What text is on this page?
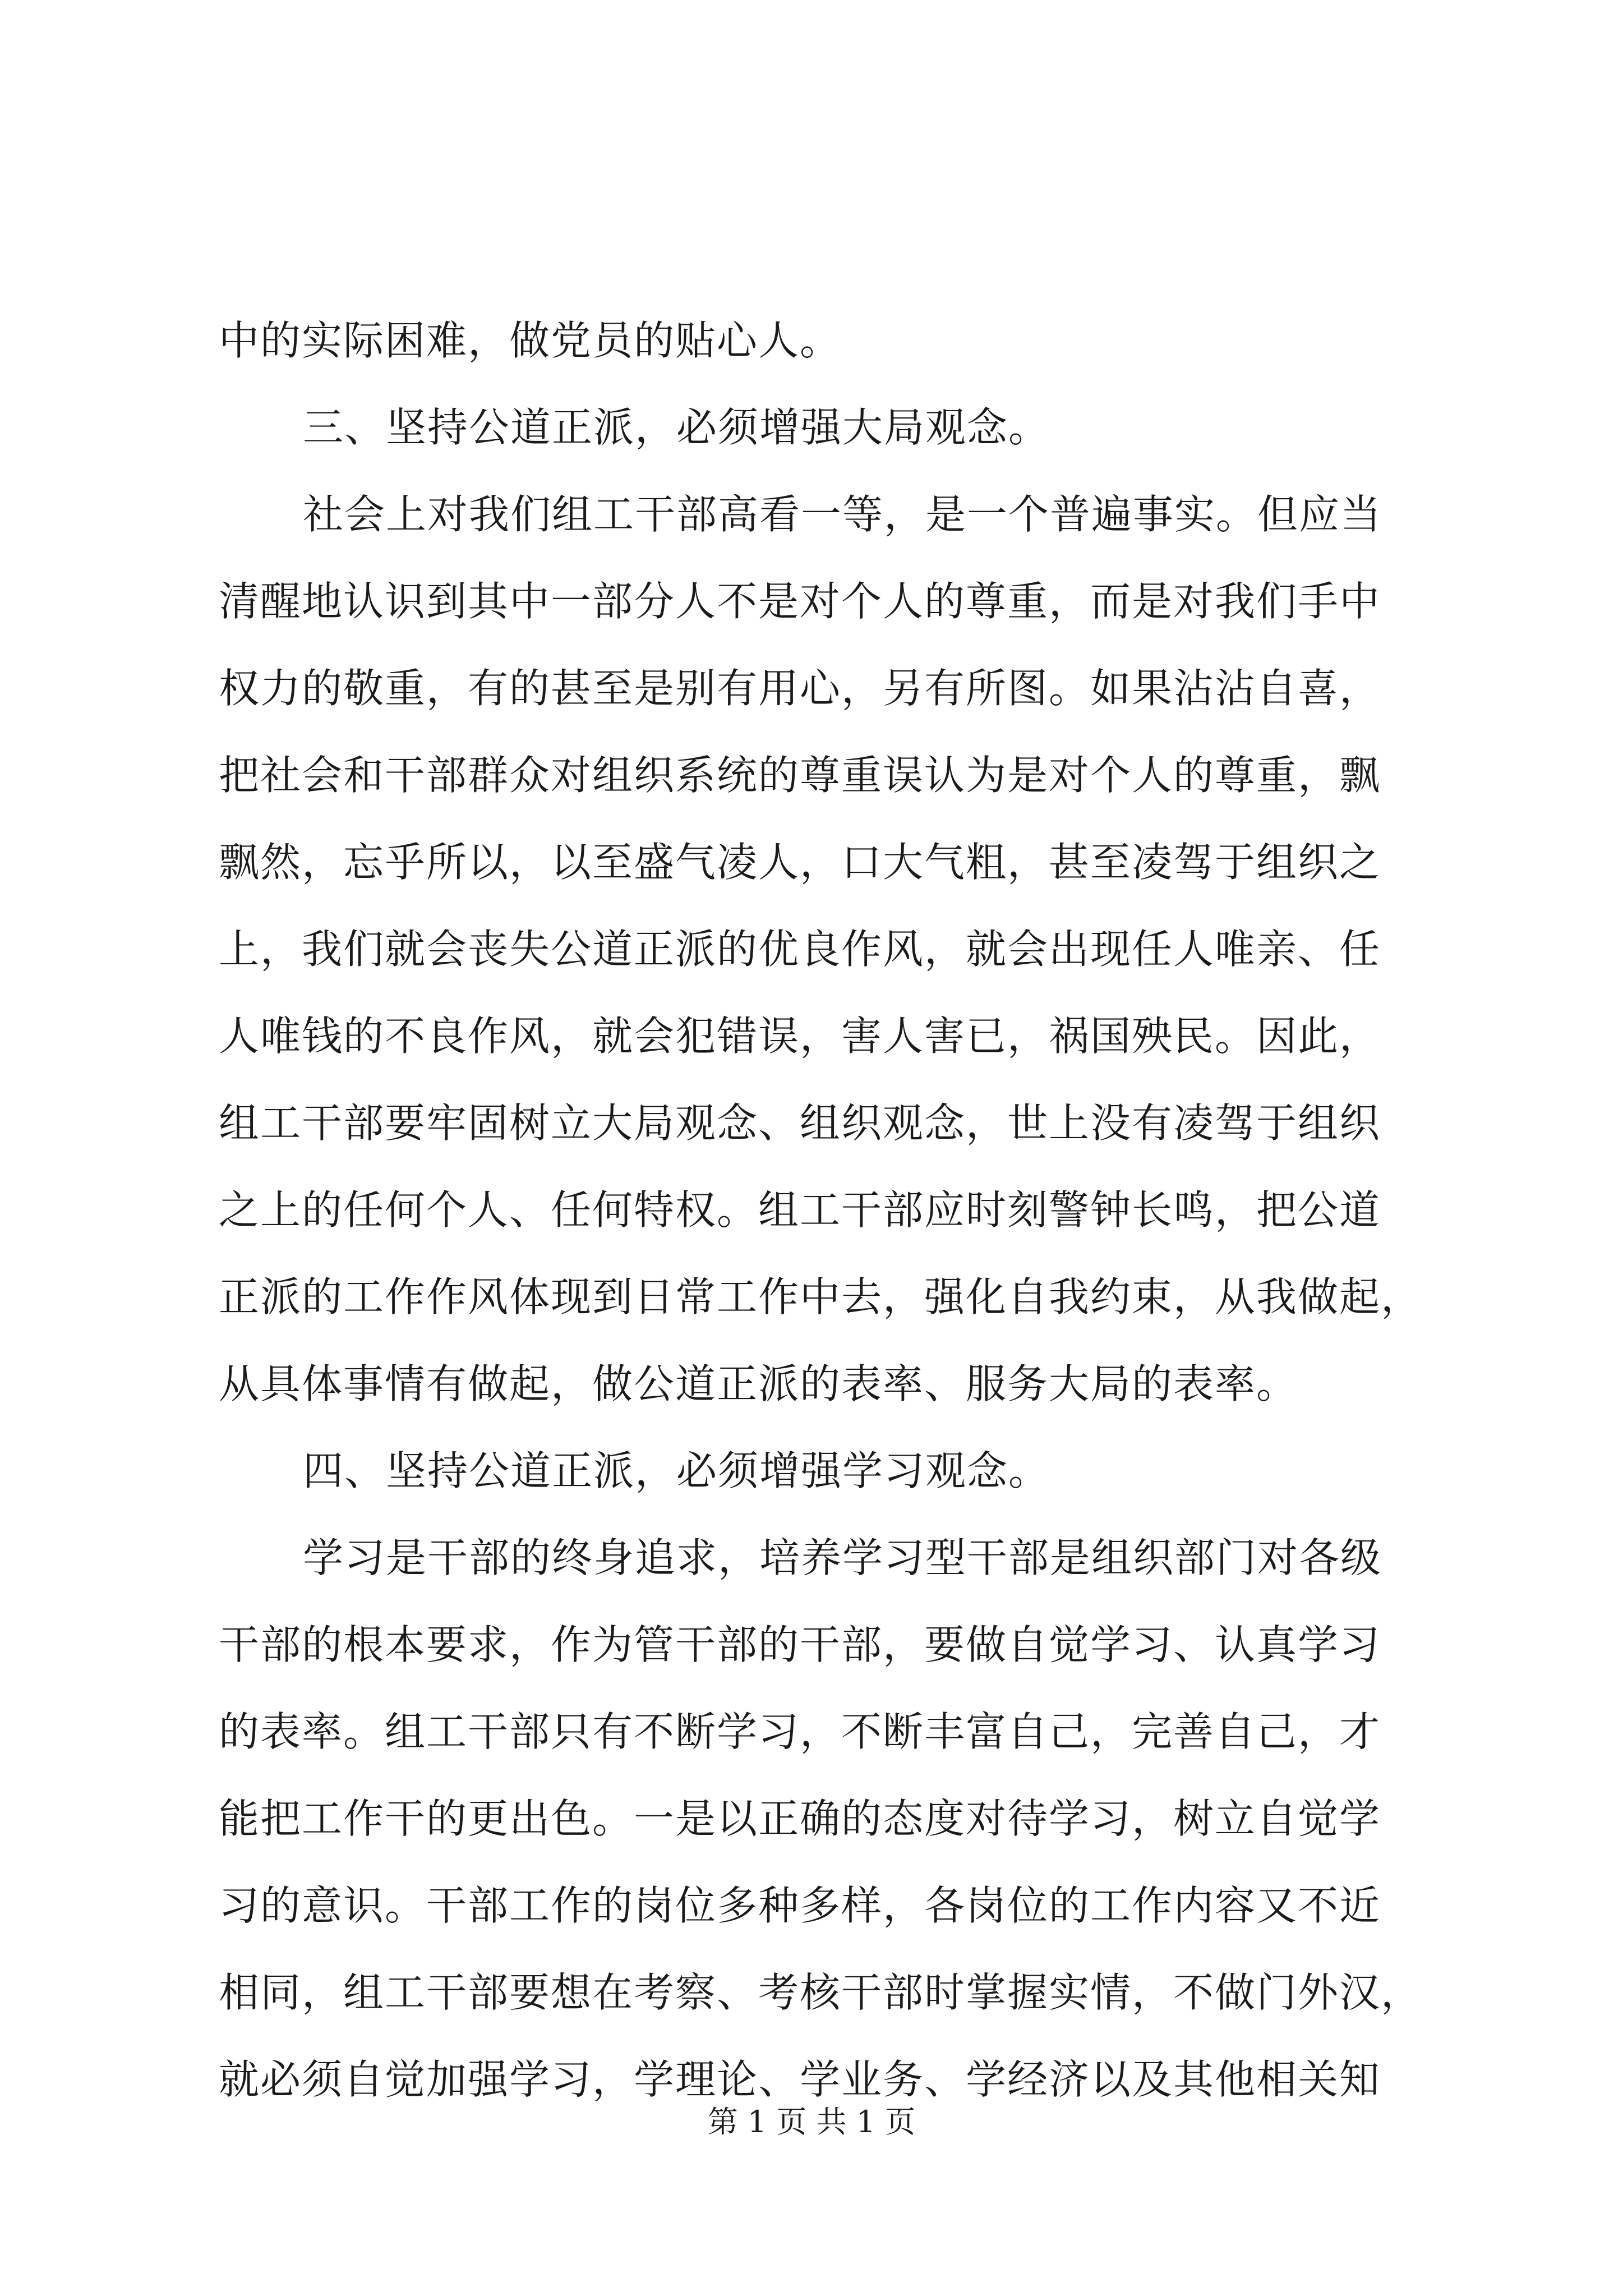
中的实际困难，做党员的贴心人。
三、坚持公道正派，必须增强大局观念。
社会上对我们组工干部高看一等，是一个普遍事实。但应当
清醒地认识到其中一部分人不是对个人的尊重，而是对我们手中
权力的敬重，有的甚至是别有用心，另有所图。如果沾沾自喜，
把社会和干部群众对组织系统的尊重误认为是对个人的尊重，飘
飘然，忘乎所以，以至盛气凌人，口大气粗，甚至凌驾于组织之
上，我们就会丧失公道正派的优良作风，就会出现任人唯亲、任
人唯钱的不良作风，就会犯错误，害人害已，祸国殃民。因此，
组工干部要牢固树立大局观念、组织观念，世上没有凌驾于组织
之上的任何个人、任何特权。组工干部应时刻警钟长鸣，把公道
正派的工作作风体现到日常工作中去，强化自我约束，从我做起，
从具体事情有做起，做公道正派的表率、服务大局的表率。
四、坚持公道正派，必须增强学习观念。
学习是干部的终身追求，培养学习型干部是组织部门对各级
干部的根本要求，作为管干部的干部，要做自觉学习、认真学习
的表率。组工干部只有不断学习，不断丰富自己，完善自己，才
能把工作干的更出色。一是以正确的态度对待学习，树立自觉学
习的意识。干部工作的岗位多种多样，各岗位的工作内容又不近
相同，组工干部要想在考察、考核干部时掌握实情，不做门外汉，
就必须自觉加强学习，学理论、学业务、学经济以及其他相关知
第 1 页 共 1 页
